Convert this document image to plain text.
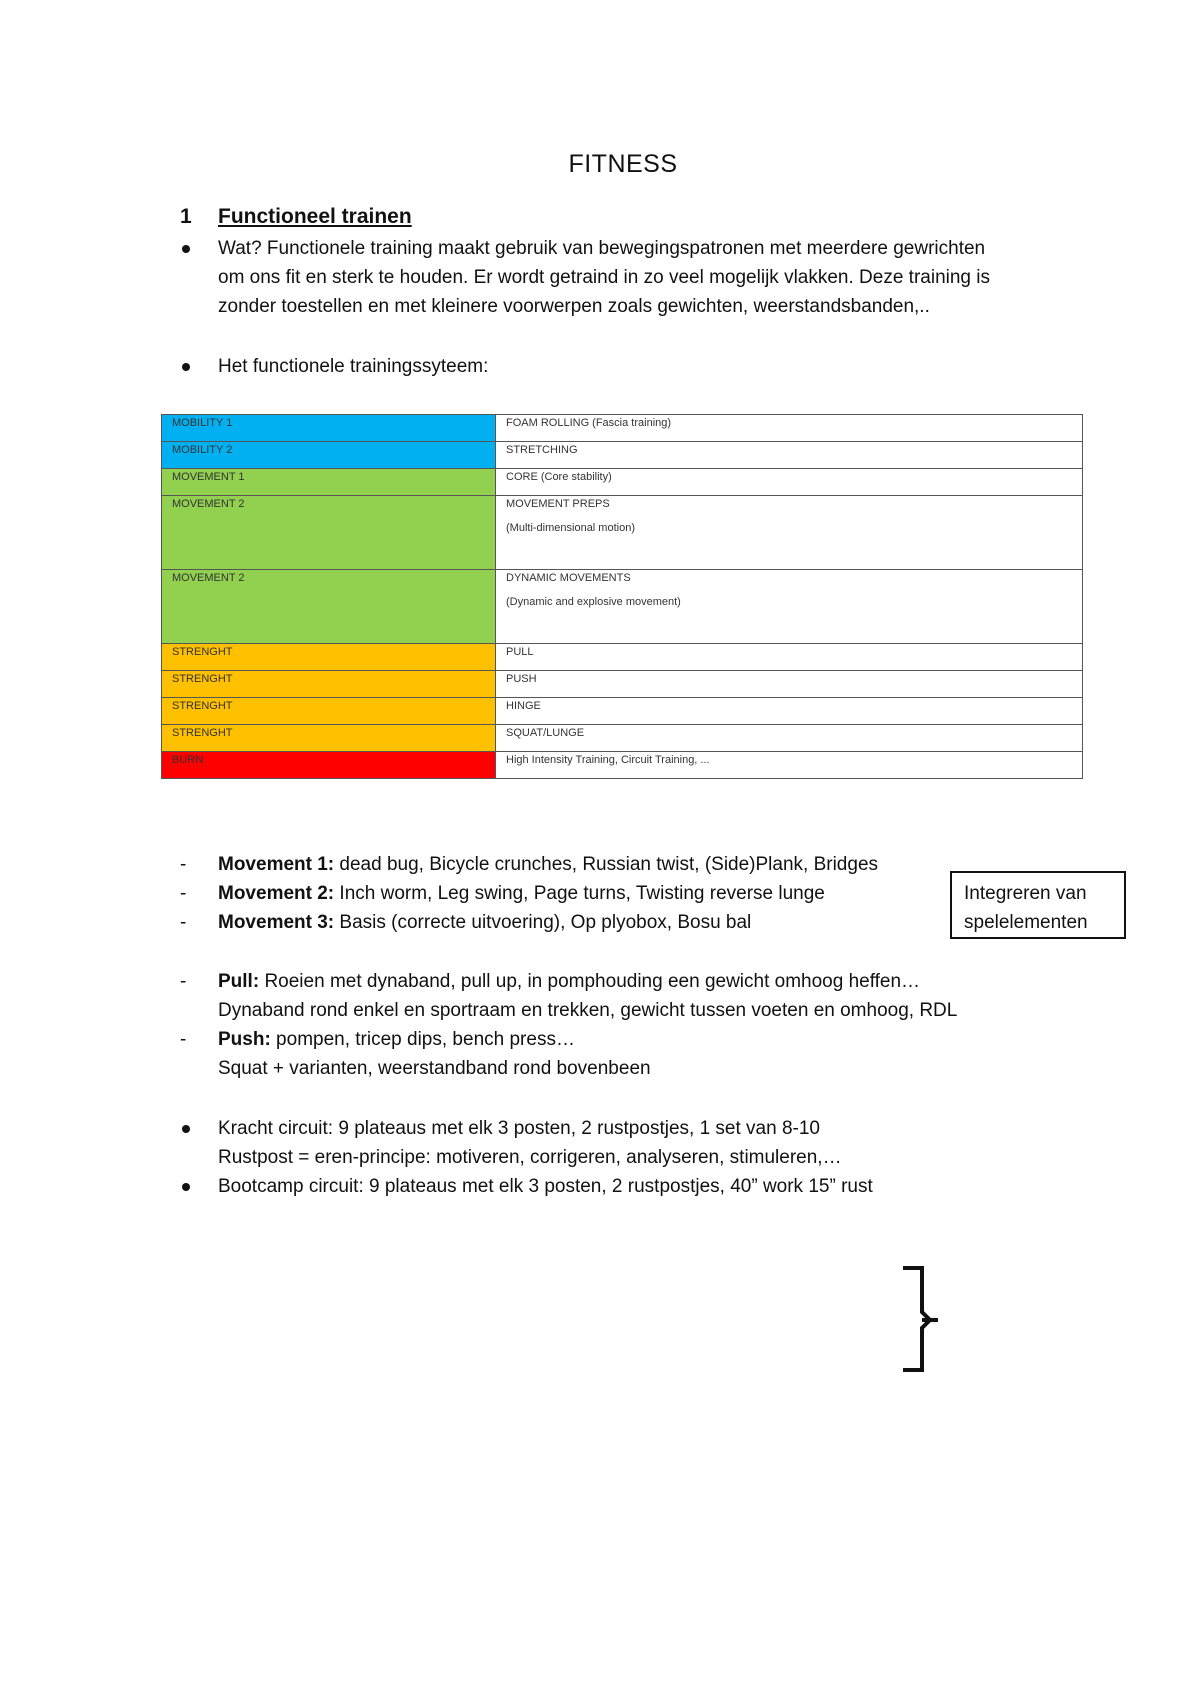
FITNESS
1 Functioneel trainen
Wat? Functionele training maakt gebruik van bewegingspatronen met meerdere gewrichten
om ons fit en sterk te houden. Er wordt getraind in zo veel mogelijk vlakken. Deze training is
zonder toestellen en met kleinere voorwerpen zoals gewichten, weerstandsbanden,..
Het functionele trainingssyteem:
MOBILITY 1	FOAM ROLLING (Fascia training)
MOBILITY 2	STRETCHING
MOVEMENT 1	CORE (Core stability)
MOVEMENT 2	MOVEMENT PREPS
(Multi-dimensional motion)

MOVEMENT 2	DYNAMIC MOVEMENTS
(Dynamic and explosive movement)

STRENGHT	PULL
STRENGHT	PUSH
STRENGHT	HINGE
STRENGHT	SQUAT/LUNGE
BURN	High Intensity Training, Circuit Training, ...
- Movement 1: dead bug, Bicycle crunches, Russian twist, (Side)Plank, Bridges
- Movement 2: Inch worm, Leg swing, Page turns, Twisting reverse lunge
- Movement 3: Basis (correcte uitvoering), Op plyobox, Bosu bal
Integreren van
spelelementen
- Pull: Roeien met dynaband, pull up, in pomphouding een gewicht omhoog heffen…
Dynaband rond enkel en sportraam en trekken, gewicht tussen voeten en omhoog, RDL
- Push: pompen, tricep dips, bench press…
Squat + varianten, weerstandband rond bovenbeen
Kracht circuit: 9 plateaus met elk 3 posten, 2 rustpostjes, 1 set van 8-10
Rustpost = eren-principe: motiveren, corrigeren, analyseren, stimuleren,…
Bootcamp circuit: 9 plateaus met elk 3 posten, 2 rustpostjes, 40” work 15” rust
